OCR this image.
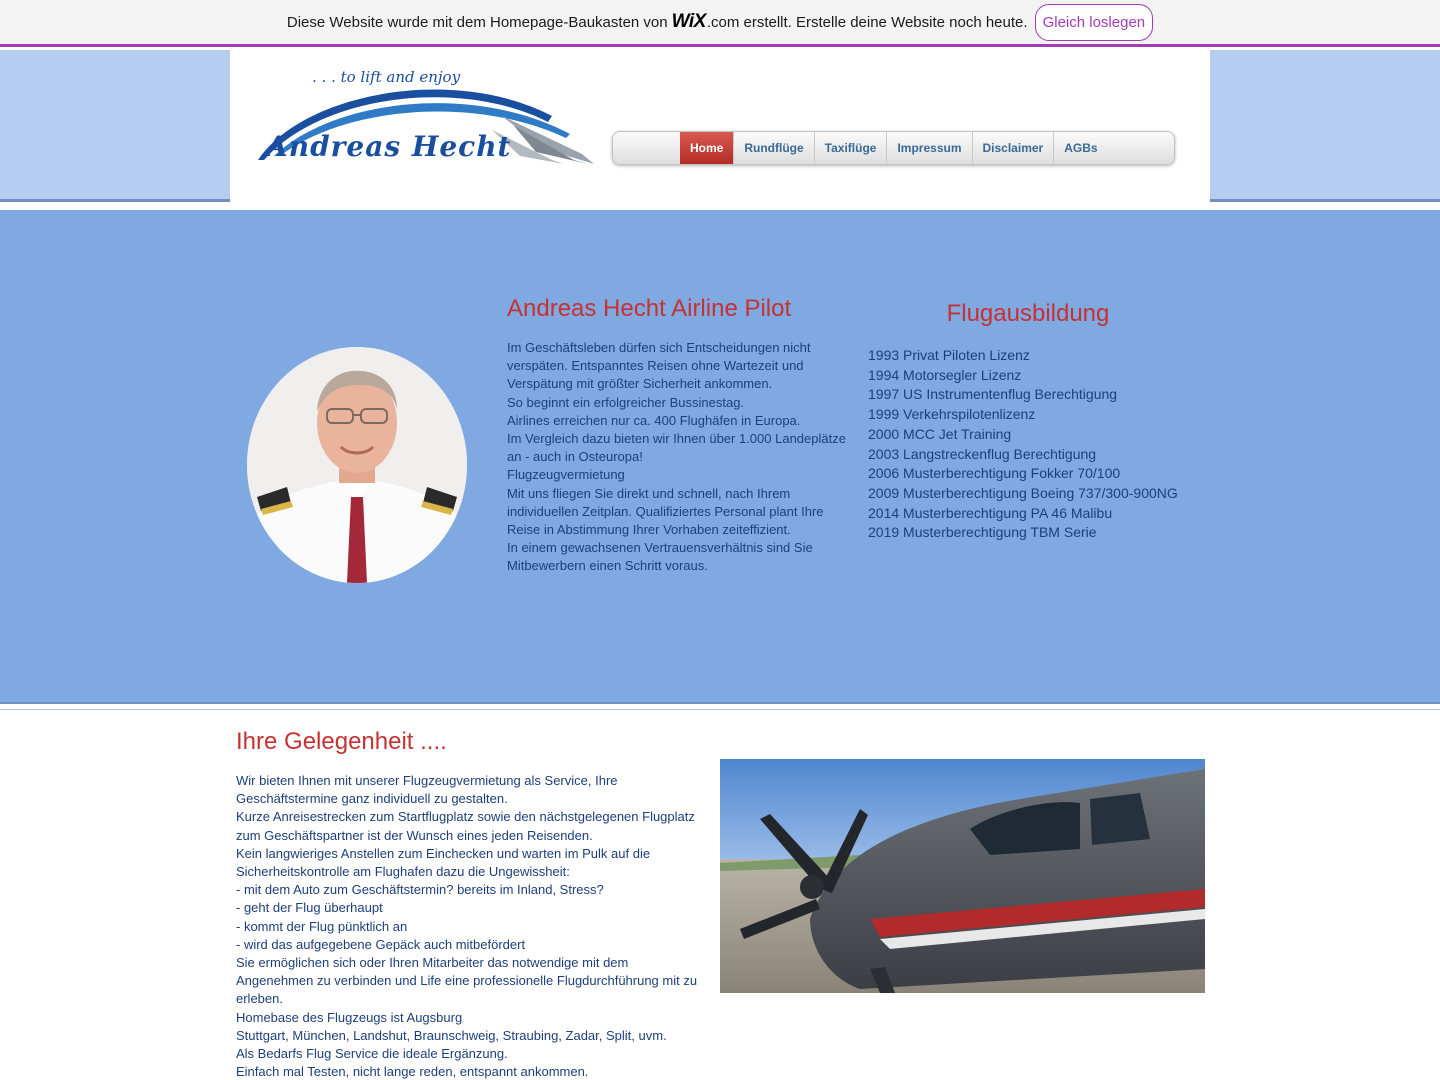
Diese Website wurde mit dem Homepage-Baukasten von WiX .com erstellt. Erstelle deine Website noch heute.	Gleich loslegen
. . . to lift and enjoy
Andreas Hecht	Home	Rundflüge	Taxiflüge	Impressum	Disclaimer	AGBs
Andreas Hecht Airline Pilot

Im Geschäftsleben dürfen sich Entscheidungen nicht verspäten. Entspanntes Reisen ohne Wartezeit und Verspätung mit größter Sicherheit ankommen.

So beginnt ein erfolgreicher Bussinestag.

Airlines erreichen nur ca. 400 Flughäfen in Europa.

Im Vergleich dazu bieten wir Ihnen über 1.000 Landeplätze an - auch in Osteuropa!

Flugzeugvermietung

Mit uns fliegen Sie direkt und schnell, nach Ihrem individuellen Zeitplan. Qualifiziertes Personal plant Ihre Reise in Abstimmung Ihrer Vorhaben zeiteffizient.

In einem gewachsenen Vertrauensverhältnis sind Sie Mitbewerbern einen Schritt voraus.

Flugausbildung
1993 Privat Piloten Lizenz
1994 Motorsegler Lizenz
1997 US Instrumentenflug Berechtigung
1999 Verkehrspilotenlizenz
2000 MCC Jet Training
2003 Langstreckenflug Berechtigung
2006 Musterberechtigung Fokker 70/100
2009 Musterberechtigung Boeing 737/300-900NG
2014 Musterberechtigung PA 46 Malibu
2019 Musterberechtigung TBM Serie
Ihre Gelegenheit ....

Wir bieten Ihnen mit unserer Flugzeugvermietung als Service, Ihre Geschäftstermine ganz individuell zu gestalten.

Kurze Anreisestrecken zum Startflugplatz sowie den nächstgelegenen Flugplatz zum Geschäftspartner ist der Wunsch eines jeden Reisenden.

Kein langwieriges Anstellen zum Einchecken und warten im Pulk auf die Sicherheitskontrolle am Flughafen dazu die Ungewissheit:

- mit dem Auto zum Geschäftstermin? bereits im Inland, Stress?

- geht der Flug überhaupt

- kommt der Flug pünktlich an

- wird das aufgegebene Gepäck auch mitbefördert

Sie ermöglichen sich oder Ihren Mitarbeiter das notwendige mit dem Angenehmen zu verbinden und Life eine professionelle Flugdurchführung mit zu erleben.

Homebase des Flugzeugs ist Augsburg

Stuttgart, München, Landshut, Braunschweig, Straubing, Zadar, Split, uvm.

Als Bedarfs Flug Service die ideale Ergänzung.

Einfach mal Testen, nicht lange reden, entspannt ankommen.
